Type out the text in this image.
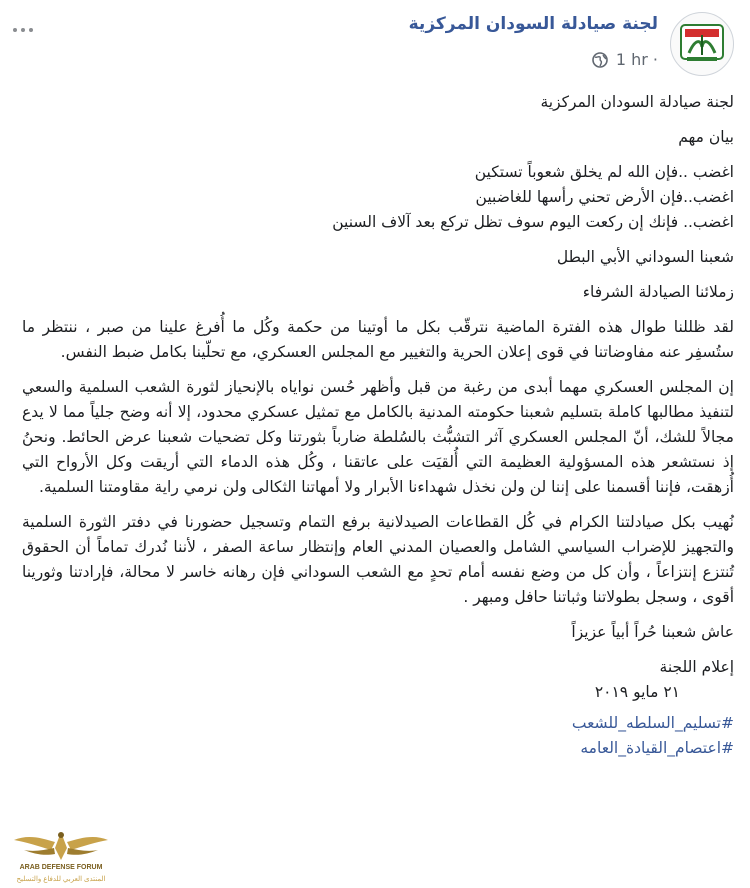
لجنة صيادلة السودان المركزية
1 hr ·

لجنة صيادلة السودان المركزية

بيان مهم

اغضب ..فإن الله لم يخلق شعوباً تستكين
اغضب..فإن الأرض تحني رأسها للغاضبين
اغضب.. فإنك إن ركعت اليوم سوف تظل تركع بعد آلاف السنين

شعبنا السوداني الأبي البطل

زملائنا الصيادلة الشرفاء

لقد ظللنا طوال هذه الفترة الماضية نترقّب بكل ما أوتينا من حكمة وكُل ما أُفرغ علينا من صبر ، ننتظر ما ستُسفِر عنه مفاوضاتنا في قوى إعلان الحرية والتغيير مع المجلس العسكري، مع تحلّينا بكامل ضبط النفس.

إن المجلس العسكري مهما أبدى من رغبة من قبل وأظهر حُسن نواياه بالإنحياز لثورة الشعب السلمية والسعي لتنفيذ مطالبها كاملة بتسليم شعبنا حكومته المدنية بالكامل مع تمثيل عسكري محدود، إلا أنه وضح جلياً مما لا يدع مجالاً للشك، أنّ المجلس العسكري آثر التشبُّث بالسُلطة ضارباً بثورتنا وكل تضحيات شعبنا عرض الحائط. ونحنُ إذ نستشعر هذه المسؤولية العظيمة التي أُلقيَت على عاتقنا ، وكُل هذه الدماء التي أريقت وكل الأرواح التي أُزهقت، فإننا أقسمنا على إننا لن ولن نخذل شهداءنا الأبرار ولا أمهاتنا الثكالى ولن نرمي راية مقاومتنا السلمية.

نُهيب بكل صيادلتنا الكرام في كُل القطاعات الصيدلانية برفع التمام وتسجيل حضورنا في دفتر الثورة السلمية والتجهيز للإضراب السياسي الشامل والعصيان المدني العام وإنتظار ساعة الصفر ، لأننا نُدرك تماماً أن الحقوق تُنتزع إنتزاعاً ، وأن كل من وضع نفسه أمام تحدٍ مع الشعب السوداني فإن رهانه خاسر لا محالة، فإرادتنا وثورينا أقوى ، وسجل بطولاتنا وثباتنا حافل ومبهر .

عاش شعبنا حُراً أبياً عزيزاً

إعلام اللجنة
٢١ مايو ٢٠١٩

#تسليم_السلطه_للشعب
#اعتصام_القيادة_العامه

ARAB DEFENSE FORUM
المنتدى العربي للدفاع والتسليح
